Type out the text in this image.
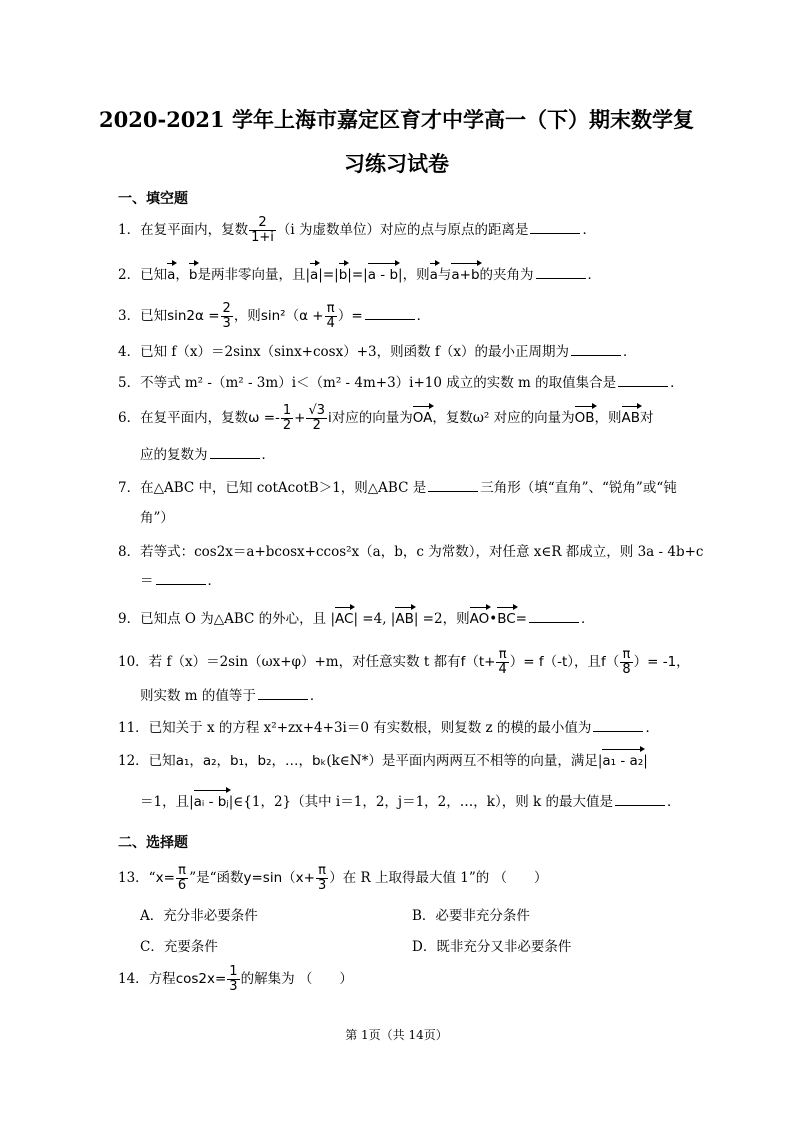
2020-2021 学年上海市嘉定区育才中学高一（下）期末数学复
习练习试卷
一、填空题
1．在复平面内，复数 $\frac{2}{1+i} (i$ 为虚数单位）对应的点与原点的距离是	．
2．已知a，b是两非零向量，且|a|=|b|=|a - b|，则a与a+b的夹角为	．
3．已知$\sin 2\alpha = \frac{2}{3}$ ，则$\sin^2(\alpha + \frac{\pi}{4}$ ）=	．
4．已知 f（x）＝2sinx（sinx+cosx）+3，则函数 f（x）的最小正周期为	．
5．不等式 m² -（m² - 3m）i＜（m² - 4m+3）i+10 成立的实数 m 的取值集合是	．
6．在复平面内，复数$\omega =- \frac{1}{2} + \frac{√3}{2}$ i对应的向量为OA，复数ω² 对应的向量为OB，则AB对
应的复数为	．
7．在△ABC 中，已知 cotAcotB＞1，则△ABC 是	三角形（填“直角”、“锐角”或“钝
角”）
8．若等式：cos2x＝a+bcosx+ccos²x（a，b，c 为常数），对任意 x∈R 都成立，则 3a - 4b+c
＝	．
9．已知点 O 为△ABC 的外心，且 |AC| =4, |AB| =2，则AO•BC=	．
10．若 f（x）＝2sin（ωx+φ）+m，对任意实数 t 都有$f(t+ \frac{\pi}{4}$ ）= f（-t），且$f( \frac{\pi}{8}$ ）= -1，
则实数 m 的值等于	．
11．已知关于 x 的方程 x²+zx+4+3i＝0 有实数根，则复数 z 的模的最小值为	．
12．已知a₁，a₂，b₁，b₂，…，bₖ(k∈N*）是平面内两两互不相等的向量，满足|a₁ - a₂|
＝1，且|aᵢ - bⱼ|∈{1，2}（其中 i＝1，2，j＝1，2，…，k），则 k 的最大值是	．
二、选择题
13．“$x= \frac{\pi}{6}$ ”是“函数$y=\sin(x+ \frac{\pi}{3}$ ）在 R 上取得最大值 1”的 （　　）
A．充分非必要条件	B．必要非充分条件
C．充要条件	D．既非充分又非必要条件
14．方程$\cos 2x= \frac{1}{3}$ 的解集为 （　　）
第 1页（共 14页）
